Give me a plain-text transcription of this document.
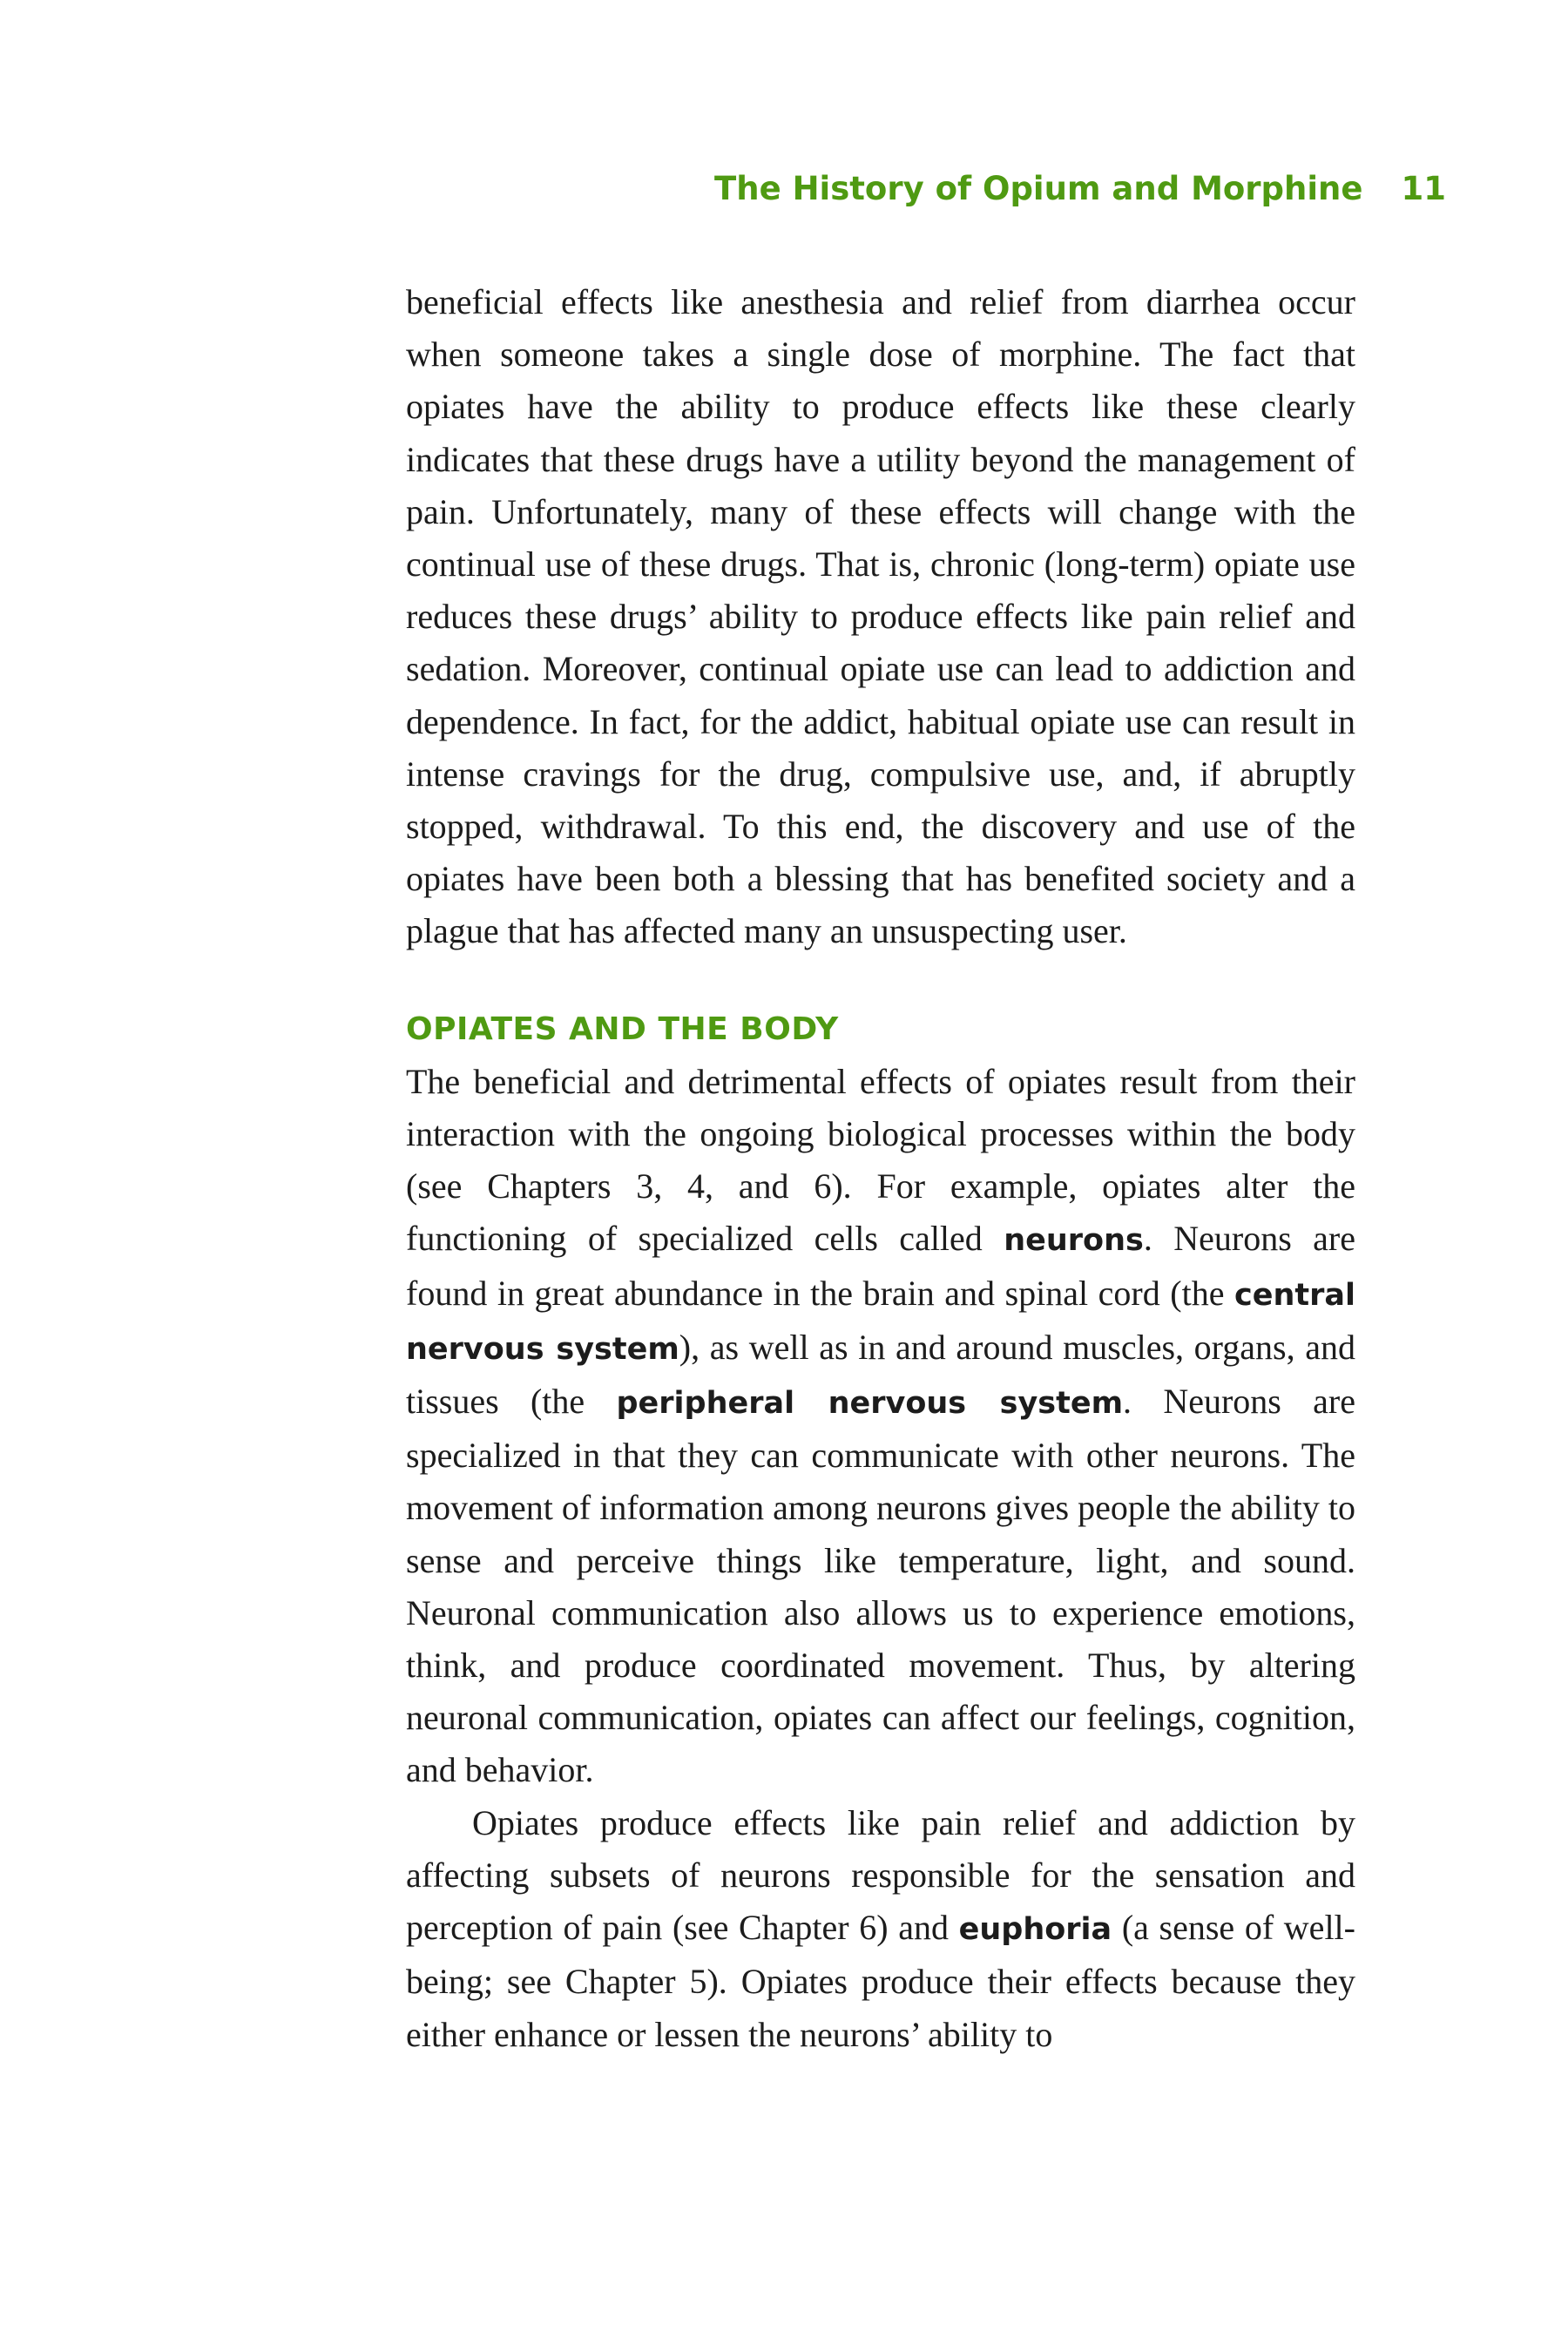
The History of Opium and Morphine 11

beneficial effects like anesthesia and relief from diarrhea occur when someone takes a single dose of morphine. The fact that opiates have the ability to produce effects like these clearly indicates that these drugs have a utility beyond the management of pain. Unfortunately, many of these effects will change with the continual use of these drugs. That is, chronic (long-term) opiate use reduces these drugs’ ability to produce effects like pain relief and sedation. Moreover, continual opiate use can lead to addiction and dependence. In fact, for the addict, habitual opiate use can result in intense cravings for the drug, compulsive use, and, if abruptly stopped, withdrawal. To this end, the discovery and use of the opiates have been both a blessing that has benefited society and a plague that has affected many an unsuspecting user.

OPIATES AND THE BODY

The beneficial and detrimental effects of opiates result from their interaction with the ongoing biological processes within the body (see Chapters 3, 4, and 6). For example, opiates alter the functioning of specialized cells called neurons. Neurons are found in great abundance in the brain and spinal cord (the central nervous system), as well as in and around muscles, organs, and tissues (the peripheral nervous system. Neurons are specialized in that they can communicate with other neurons. The movement of information among neurons gives people the ability to sense and perceive things like temperature, light, and sound. Neuronal communication also allows us to experience emotions, think, and produce coordinated movement. Thus, by altering neuronal communication, opiates can affect our feelings, cognition, and behavior.

Opiates produce effects like pain relief and addiction by affecting subsets of neurons responsible for the sensation and perception of pain (see Chapter 6) and euphoria (a sense of well-being; see Chapter 5). Opiates produce their effects because they either enhance or lessen the neurons’ ability to
